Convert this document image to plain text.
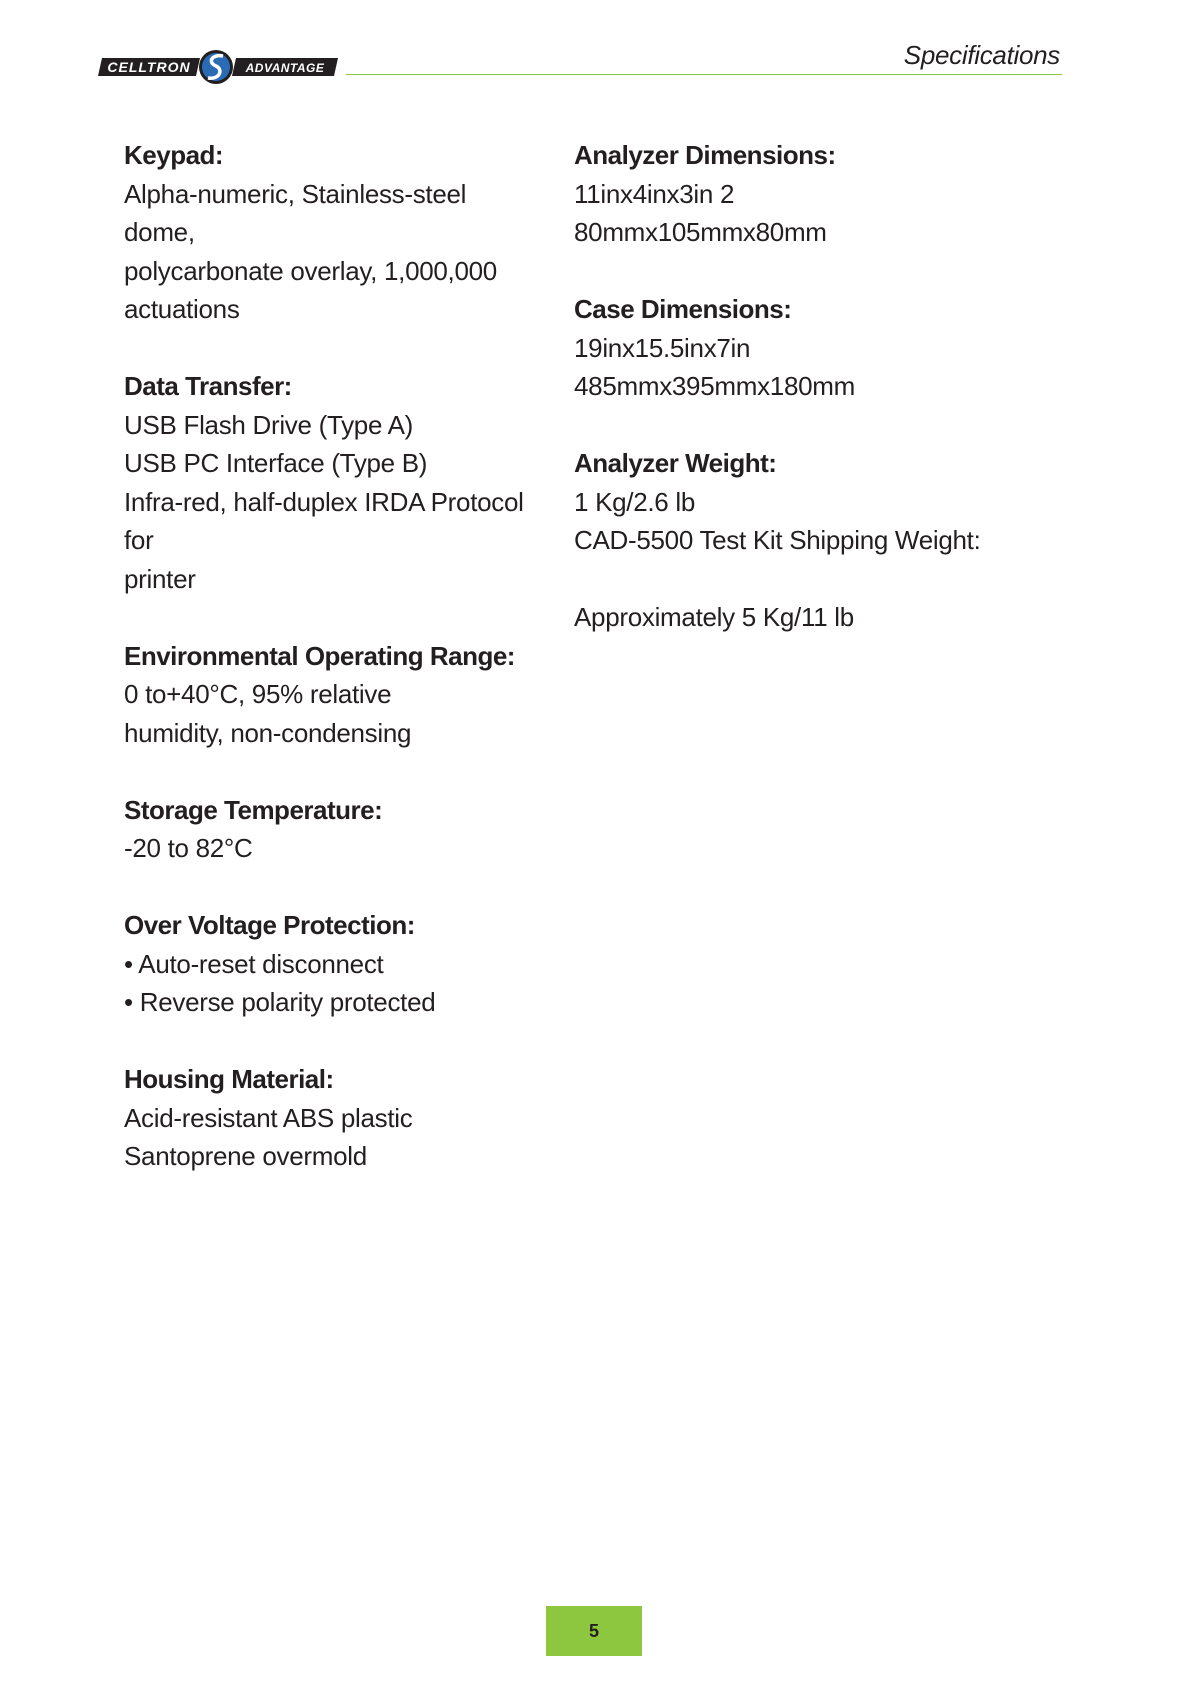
CELLTRON	ADVANTAGE	Specifications
Keypad:
Alpha-numeric, Stainless-steel
dome,
polycarbonate overlay, 1,000,000
actuations
Data Transfer:
USB Flash Drive (Type A)
USB PC Interface (Type B)
Infra-red, half-duplex IRDA Protocol
for
printer
Environmental Operating Range:
0 to+40°C, 95% relative
humidity, non-condensing
Storage Temperature:
-20 to 82°C
Over Voltage Protection:
• Auto-reset disconnect
• Reverse polarity protected
Housing Material:
Acid-resistant ABS plastic
Santoprene overmold
Analyzer Dimensions:
11inx4inx3in 2
80mmx105mmx80mm
Case Dimensions:
19inx15.5inx7in
485mmx395mmx180mm
Analyzer Weight:
1 Kg/2.6 lb
CAD-5500 Test Kit Shipping Weight:

Approximately 5 Kg/11 lb
5
